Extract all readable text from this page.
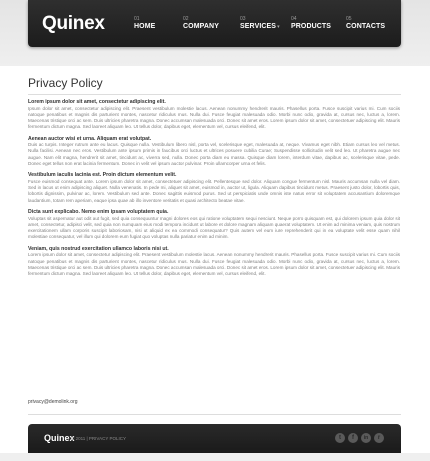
Quinex	01
HOME
02
COMPANY
03
SERVICES▾
04
PRODUCTS
05
CONTACTS
Privacy Policy
Lorem ipsum dolor sit amet, consectetur adipiscing elit.
Ipsum dolor sit amet, consectetur adipiscing elit. Praesent vestibulum molestie lacus. Aenean nonummy hendrerit mauris. Phasellus porta. Fusce suscipit varius mi. Cum sociis natoque penatibus et magnis dis parturient montes, nascetur ridiculus mus. Nulla dui. Fusce feugiat malesuada odio. Morbi nunc odio, gravida at, cursus nec, luctus a, lorem. Maecenas tristique orci ac sem. Duis ultricies pharetra magna. Donec accumsan malesuada orci. Donec sit amet eros. Lorem ipsum dolor sit amet, consectetuer adipiscing elit. Mauris fermentum dictum magna. Sed laoreet aliquam leo. Ut tellus dolor, dapibus eget, elementum vel, cursus eleifend, elit.
Aenean auctor wisi et urna. Aliquam erat volutpat.
Duis ac turpis. Integer rutrum ante eu lacus. Quisque nulla. Vestibulum libero nisl, porta vel, scelerisque eget, malesuada at, neque. Vivamus eget nibh. Etiam cursus leo vel metus. Nulla facilisi. Aenean nec eros. Vestibulum ante ipsum primis in faucibus orci luctus et ultrices posuere cubilia Curae; Suspendisse sollicitudin velit sed leo. Ut pharetra augue nec augue. Nam elit magna, hendrerit sit amet, tincidunt ac, viverra sed, nulla. Donec porta diam eu massa. Quisque diam lorem, interdum vitae, dapibus ac, scelerisque vitae, pede. Donec eget tellus non erat lacinia fermentum. Donec in velit vel ipsum auctor pulvinar. Proin ullamcorper urna et felis.
Vestibulum iaculis lacinia est. Proin dictum elementum velit.
Fusce euismod consequat ante. Lorem ipsum dolor sit amet, consectetuer adipiscing elit. Pellentesque sed dolor. Aliquam congue fermentum nisl. Mauris accumsan nulla vel diam. Sed in lacus ut enim adipiscing aliquet. Nulla venenatis. In pede mi, aliquet sit amet, euismod in, auctor ut, ligula. Aliquam dapibus tincidunt metus. Praesent justo dolor, lobortis quis, lobortis dignissim, pulvinar ac, lorem. Vestibulum sed ante. Donec sagittis euismod purus. Sed ut perspiciatis unde omnis iste natus error sit voluptatem accusantium doloremque laudantium, totam rem aperiam, eaque ipsa quae ab illo inventore veritatis et quasi architecto beatae vitae.
Dicta sunt explicabo. Nemo enim ipsam voluptatem quia.
Voluptas sit aspernatur aut odit aut fugit, sed quia consequuntur magni dolores eos qui ratione voluptatem sequi nesciunt. Neque porro quisquam est, qui dolorem ipsum quia dolor sit amet, consectetur, adipisci velit, sed quia non numquam eius modi tempora incidunt ut labore et dolore magnam aliquam quaerat voluptatem. Ut enim ad minima veniam, quis nostrum exercitationem ullam corporis suscipit laboriosam, nisi ut aliquid ex ea commodi consequatur? Quis autem vel eum iure reprehenderit qui in ea voluptate velit esse quam nihil molestiae consequatur, vel illum qui dolorem eum fugiat quo voluptas nulla pariatur enim ad minim.
Veniam, quis nostrud exercitation ullamco laboris nisi ut.
Lorem ipsum dolor sit amet, consectetur adipiscing elit. Praesent vestibulum molestie lacus. Aenean nonummy hendrerit mauris. Phasellus porta. Fusce suscipit varius mi. Cum sociis natoque penatibus et magnis dis parturient montes, nascetur ridiculus mus. Nulla dui. Fusce feugiat malesuada odio. Morbi nunc odio, gravida at, cursus nec, luctus a, lorem. Maecenas tristique orci ac sem. Duis ultricies pharetra magna. Donec accumsan malesuada orci. Donec sit amet eros. Lorem ipsum dolor sit amet, consectetuer adipiscing elit. Mauris fermentum dictum magna. Sed laoreet aliquam leo. Ut tellus dolor, dapibus eget, elementum vel, cursus eleifend, elit.
privacy@demolink.org
Quinex
© 2011 | PRIVACY POLICY	t	f	in	r
